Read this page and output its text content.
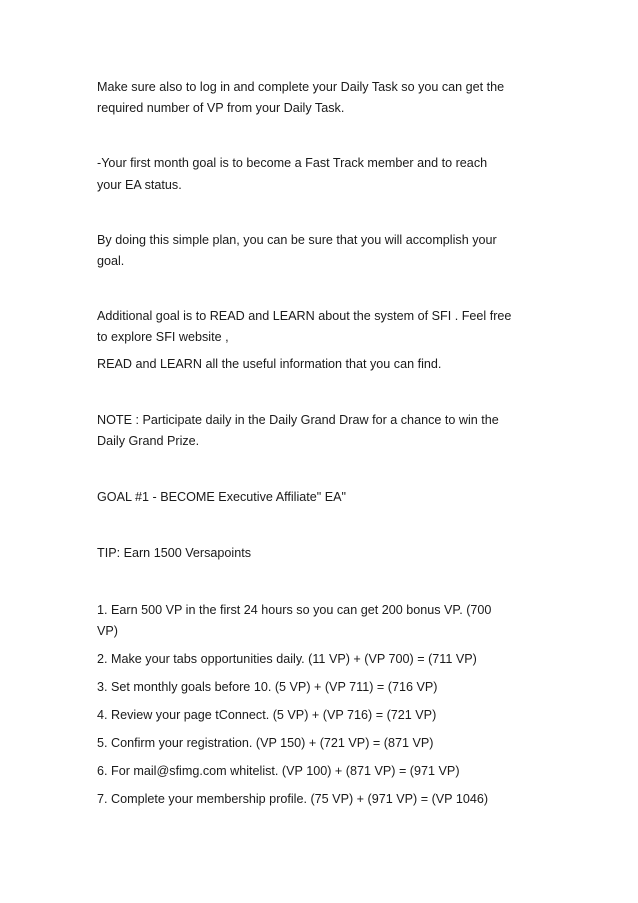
Make sure also to log in and complete your Daily Task so you can get the

required number of VP from your Daily Task.

-Your first month goal is to become a Fast Track member and to reach

your EA status.

By doing this simple plan, you can be sure that you will accomplish your

goal.

Additional goal is to READ and LEARN about the system of SFI . Feel free

to explore SFI website ,

READ and LEARN all the useful information that you can find.

NOTE : Participate daily in the Daily Grand Draw for a chance to win the

Daily Grand Prize.

GOAL #1 - BECOME Executive Affiliate" EA"

TIP: Earn 1500 Versapoints

1. Earn 500 VP in the first 24 hours so you can get 200 bonus VP. (700

VP)

2. Make your tabs opportunities daily. (11 VP) + (VP 700) = (711 VP)

3. Set monthly goals before 10. (5 VP) + (VP 711) = (716 VP)

4. Review your page tConnect. (5 VP) + (VP 716) = (721 VP)

5. Confirm your registration. (VP 150) + (721 VP) = (871 VP)

6. For mail@sfimg.com whitelist. (VP 100) + (871 VP) = (971 VP)

7. Complete your membership profile. (75 VP) + (971 VP) = (VP 1046)
